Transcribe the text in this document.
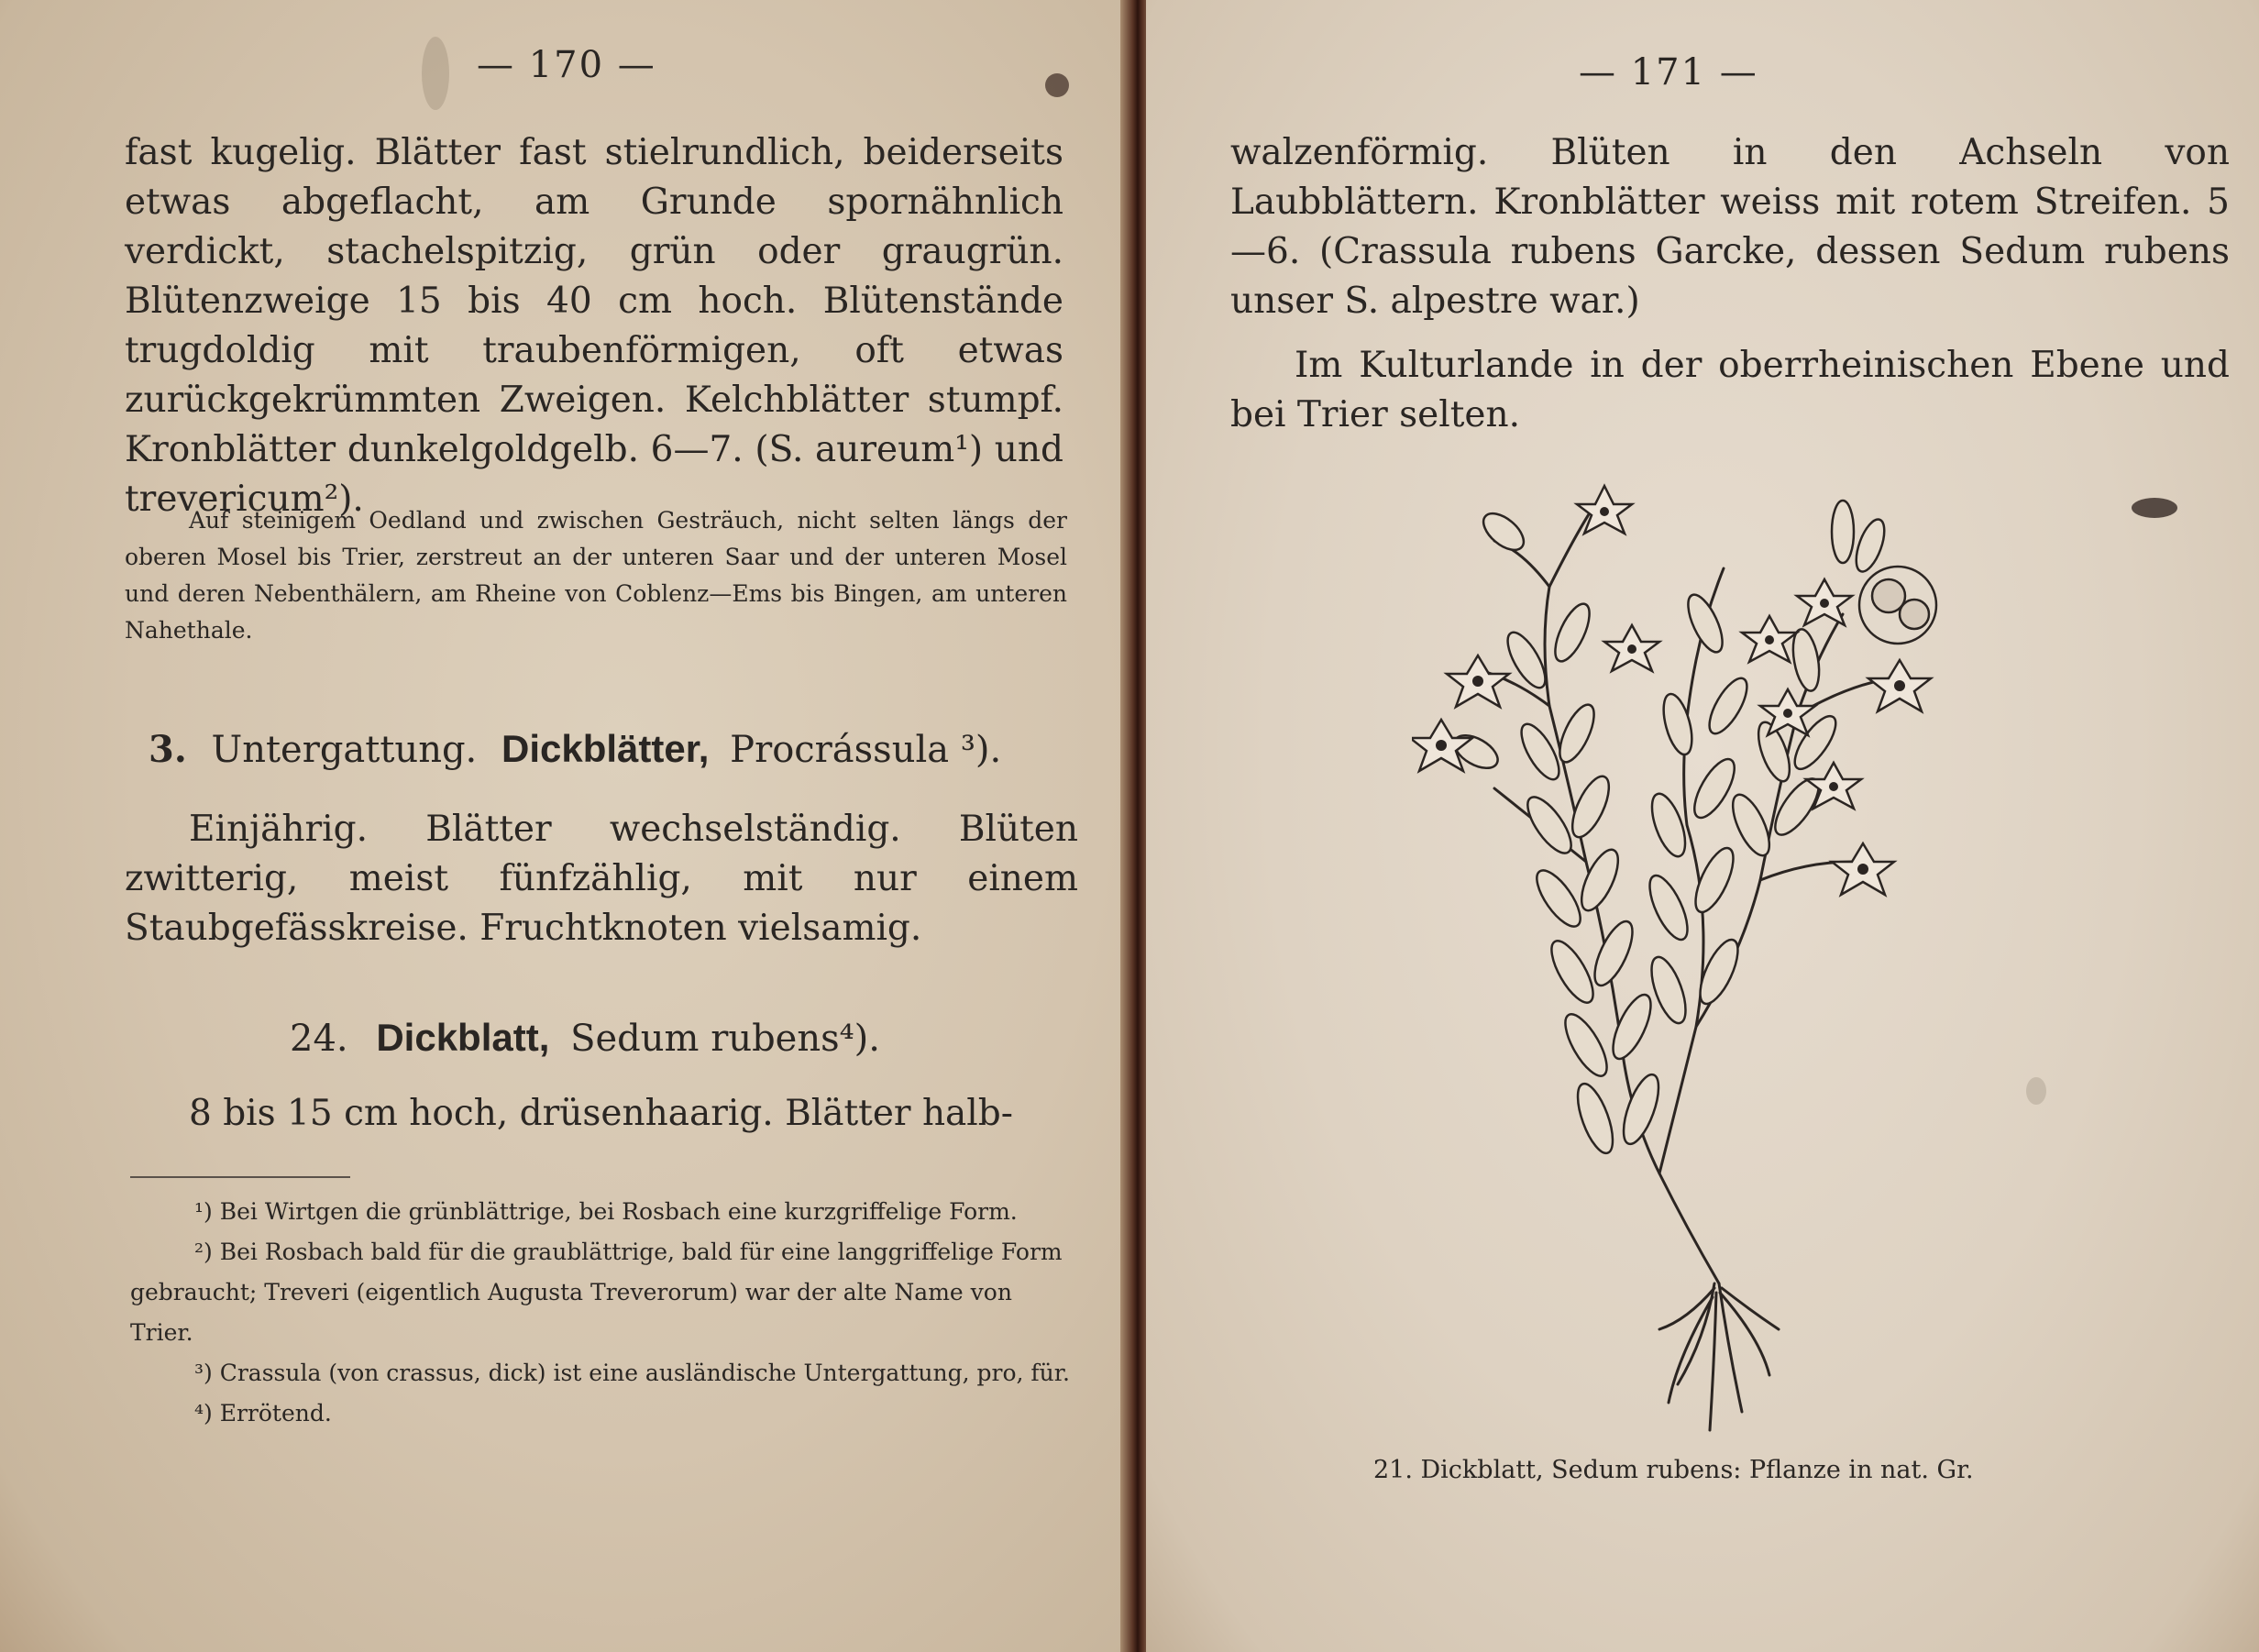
— 170 —

fast kugelig. Blätter fast stielrundlich, beiderseits etwas abgeflacht, am Grunde spornähnlich verdickt, stachelspitzig, grün oder graugrün. Blütenzweige 15 bis 40 cm hoch. Blütenstände trugdoldig mit traubenförmigen, oft etwas zurückgekrümmten Zweigen. Kelchblätter stumpf. Kronblätter dunkelgoldgelb. 6—7. (S. aureum¹) und trevericum²).

Auf steinigem Oedland und zwischen Gesträuch, nicht selten längs der oberen Mosel bis Trier, zerstreut an der unteren Saar und der unteren Mosel und deren Nebenthälern, am Rheine von Coblenz—Ems bis Bingen, am unteren Nahethale.

3. Untergattung. Dickblätter, Procrássula ³).

Einjährig. Blätter wechselständig. Blüten zwitterig, meist fünfzählig, mit nur einem Staubgefässkreise. Fruchtknoten vielsamig.

24. Dickblatt, Sedum rubens⁴).

8 bis 15 cm hoch, drüsenhaarig. Blätter halb-

¹) Bei Wirtgen die grünblättrige, bei Rosbach eine kurzgriffelige Form.

²) Bei Rosbach bald für die graublättrige, bald für eine langgriffelige Form gebraucht; Treveri (eigentlich Augusta Treverorum) war der alte Name von Trier.

³) Crassula (von crassus, dick) ist eine ausländische Untergattung, pro, für.

⁴) Errötend.

— 171 —

walzenförmig. Blüten in den Achseln von Laubblättern. Kronblätter weiss mit rotem Streifen. 5—6. (Crassula rubens Garcke, dessen Sedum rubens unser S. alpestre war.)

Im Kulturlande in der oberrheinischen Ebene und bei Trier selten.

21. Dickblatt, Sedum rubens: Pflanze in nat. Gr.
